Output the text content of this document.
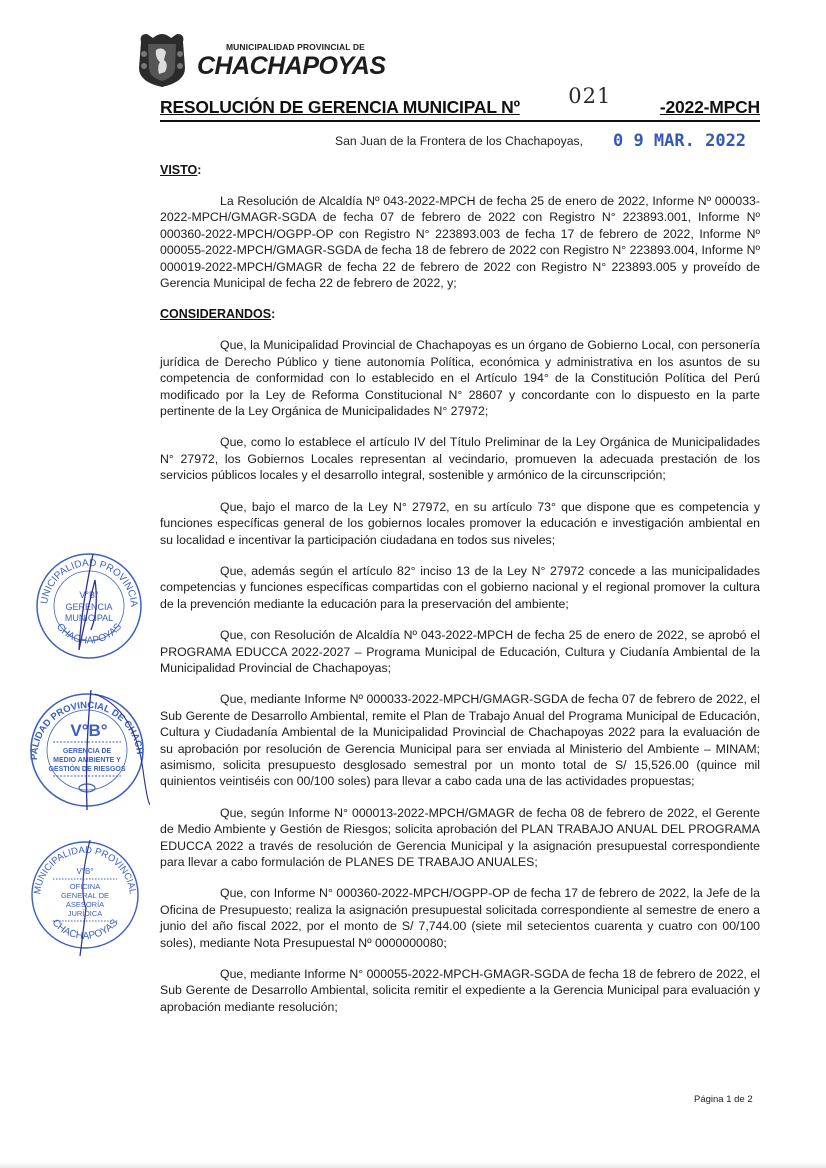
MUNICIPALIDAD PROVINCIAL DE
CHACHAPOYAS
RESOLUCIÓN DE GERENCIA MUNICIPAL Nº 021	-2022-MPCH
San Juan de la Frontera de los Chachapoyas, 0 9 MAR. 2022
VISTO:
La Resolución de Alcaldía Nº 043-2022-MPCH de fecha 25 de enero de 2022, Informe Nº 000033-2022-MPCH/GMAGR-SGDA de fecha 07 de febrero de 2022 con Registro N° 223893.001, Informe Nº 000360-2022-MPCH/OGPP-OP con Registro N° 223893.003 de fecha 17 de febrero de 2022, Informe Nº 000055-2022-MPCH/GMAGR-SGDA de fecha 18 de febrero de 2022 con Registro N° 223893.004, Informe Nº 000019-2022-MPCH/GMAGR de fecha 22 de febrero de 2022 con Registro N° 223893.005 y proveído de Gerencia Municipal de fecha 22 de febrero de 2022, y;
CONSIDERANDOS:
Que, la Municipalidad Provincial de Chachapoyas es un órgano de Gobierno Local, con personería jurídica de Derecho Público y tiene autonomía Política, económica y administrativa en los asuntos de su competencia de conformidad con lo establecido en el Artículo 194° de la Constitución Política del Perú modificado por la Ley de Reforma Constitucional N° 28607 y concordante con lo dispuesto en la parte pertinente de la Ley Orgánica de Municipalidades N° 27972;
Que, como lo establece el artículo IV del Título Preliminar de la Ley Orgánica de Municipalidades N° 27972, los Gobiernos Locales representan al vecindario, promueven la adecuada prestación de los servicios públicos locales y el desarrollo integral, sostenible y armónico de la circunscripción;
Que, bajo el marco de la Ley N° 27972, en su artículo 73° que dispone que es competencia y funciones específicas general de los gobiernos locales promover la educación e investigación ambiental en su localidad e incentivar la participación ciudadana en todos sus niveles;
Que, además según el artículo 82° inciso 13 de la Ley N° 27972 concede a las municipalidades competencias y funciones específicas compartidas con el gobierno nacional y el regional promover la cultura de la prevención mediante la educación para la preservación del ambiente;
Que, con Resolución de Alcaldía Nº 043-2022-MPCH de fecha 25 de enero de 2022, se aprobó el PROGRAMA EDUCCA 2022-2027 – Programa Municipal de Educación, Cultura y Ciudanía Ambiental de la Municipalidad Provincial de Chachapoyas;
Que, mediante Informe Nº 000033-2022-MPCH/GMAGR-SGDA de fecha 07 de febrero de 2022, el Sub Gerente de Desarrollo Ambiental, remite el Plan de Trabajo Anual del Programa Municipal de Educación, Cultura y Ciudadanía Ambiental de la Municipalidad Provincial de Chachapoyas 2022 para la evaluación de su aprobación por resolución de Gerencia Municipal para ser enviada al Ministerio del Ambiente – MINAM; asimismo, solicita presupuesto desglosado semestral por un monto total de S/ 15,526.00 (quince mil quinientos veintiséis con 00/100 soles) para llevar a cabo cada una de las actividades propuestas;
Que, según Informe N° 000013-2022-MPCH/GMAGR de fecha 08 de febrero de 2022, el Gerente de Medio Ambiente y Gestión de Riesgos; solicita aprobación del PLAN TRABAJO ANUAL DEL PROGRAMA EDUCCA 2022 a través de resolución de Gerencia Municipal y la asignación presupuestal correspondiente para llevar a cabo formulación de PLANES DE TRABAJO ANUALES;
Que, con Informe N° 000360-2022-MPCH/OGPP-OP de fecha 17 de febrero de 2022, la Jefe de la Oficina de Presupuesto; realiza la asignación presupuestal solicitada correspondiente al semestre de enero a junio del año fiscal 2022, por el monto de S/ 7,744.00 (siete mil setecientos cuarenta y cuatro con 00/100 soles), mediante Nota Presupuestal Nº 0000000080;
Que, mediante Informe N° 000055-2022-MPCH-GMAGR-SGDA de fecha 18 de febrero de 2022, el Sub Gerente de Desarrollo Ambiental, solicita remitir el expediente a la Gerencia Municipal para evaluación y aprobación mediante resolución;
UNICIPALIDAD PROVINCIA
CHACHAPOYAS
V°B°
GERENCIA
MUNICIPAL
PALIDAD PROVINCIAL DE CHACH
V°B°
GERENCIA DE
MEDIO AMBIENTE Y
GESTIÓN DE RIESGOS
MUNICIPALIDAD PROVINCIAL
CHACHAPOYAS
V°B°
OFICINA
GENERAL DE
ASESORÍA
JURÍDICA
Página 1 de 2
